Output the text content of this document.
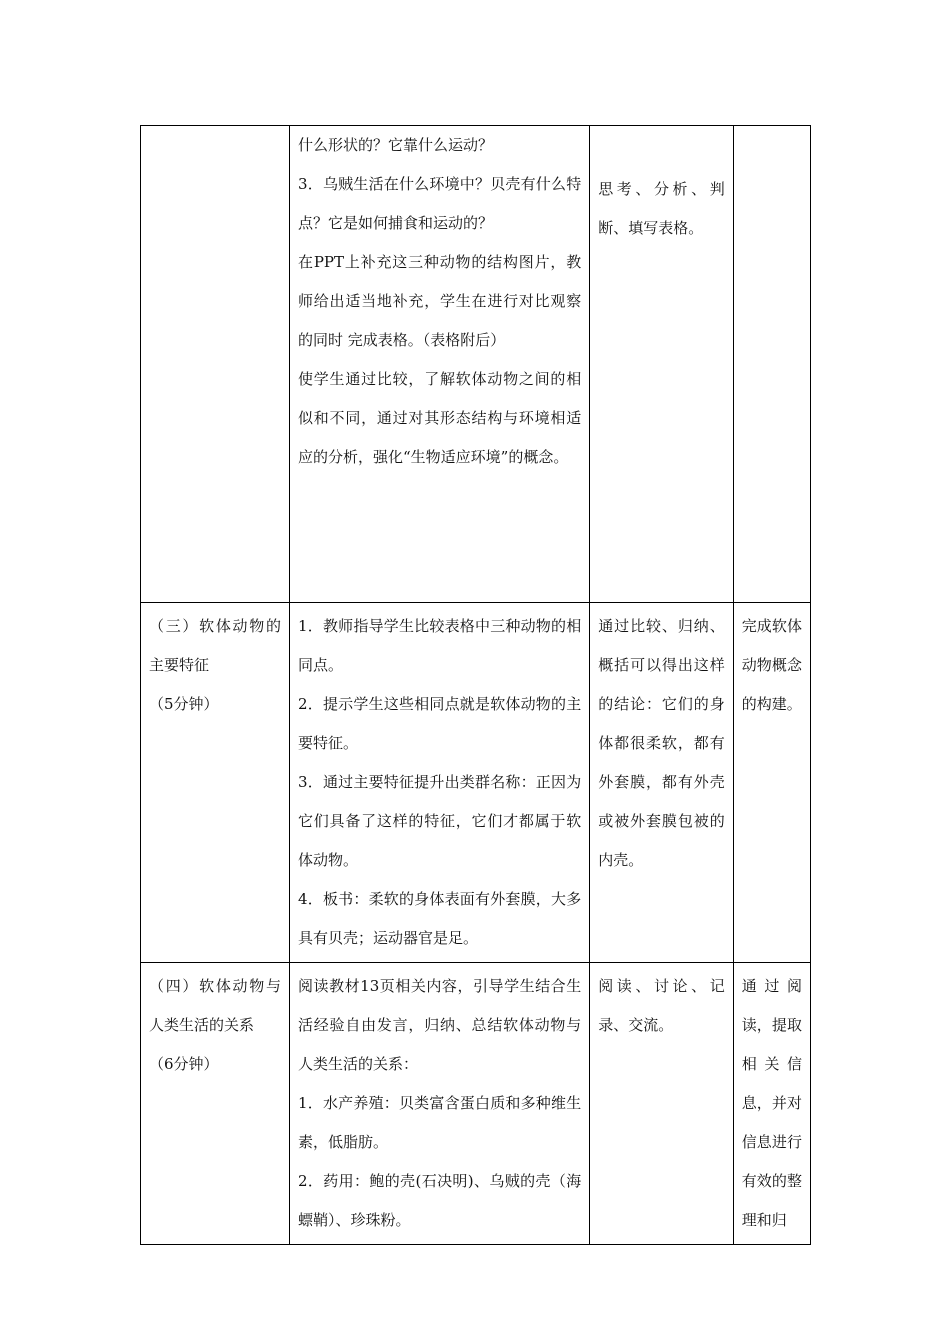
	什么形状的？它靠什么运动？
3．乌贼生活在什么环境中？贝壳有什么特点？它是如何捕食和运动的？
在PPT上补充这三种动物的结构图片，教师给出适当地补充，学生在进行对比观察的同时 完成表格。（表格附后）
使学生通过比较，了解软体动物之间的相似和不同，通过对其形态结构与环境相适应的分析，强化“生物适应环境”的概念。	思考、分析、判断、填写表格。	

（三）软体动物的主要特征
（5分钟）	1．教师指导学生比较表格中三种动物的相同点。
2．提示学生这些相同点就是软体动物的主要特征。
3．通过主要特征提升出类群名称：正因为它们具备了这样的特征，它们才都属于软体动物。
4．板书：柔软的身体表面有外套膜，大多具有贝壳；运动器官是足。	通过比较、归纳、概括可以得出这样的结论：它们的身体都很柔软，都有外套膜，都有外壳或被外套膜包被的内壳。	完成软体动物概念的构建。

（四）软体动物与人类生活的关系
（6分钟）	阅读教材13页相关内容，引导学生结合生活经验自由发言，归纳、总结软体动物与人类生活的关系：
1．水产养殖：贝类富含蛋白质和多种维生素，低脂肪。
2．药用：鲍的壳(石决明)、乌贼的壳（海螵鞘）、珍珠粉。	阅读、讨论、记录、交流。	通过阅读，提取相关信息，并对信息进行有效的整理和归
